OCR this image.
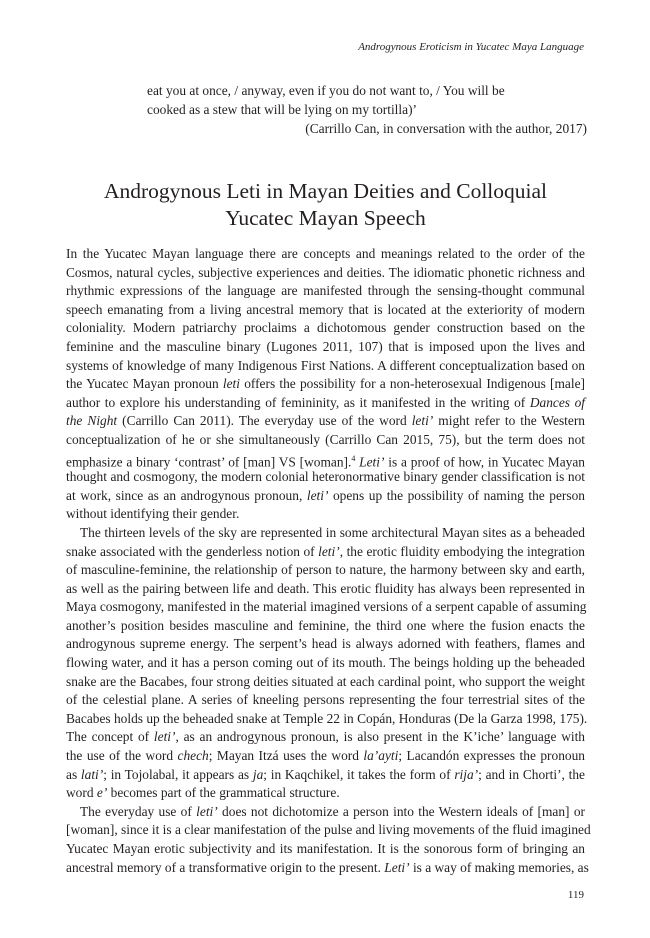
Androgynous Eroticism in Yucatec Maya Language
eat you at once, / anyway, even if you do not want to, / You will be
cooked as a stew that will be lying on my tortilla)’
(Carrillo Can, in conversation with the author, 2017)
Androgynous Leti in Mayan Deities and Colloquial
Yucatec Mayan Speech
In the Yucatec Mayan language there are concepts and meanings related to the order of the
Cosmos, natural cycles, subjective experiences and deities. The idiomatic phonetic richness and
rhythmic expressions of the language are manifested through the sensing-thought communal
speech emanating from a living ancestral memory that is located at the exteriority of modern
coloniality. Modern patriarchy proclaims a dichotomous gender construction based on the
feminine and the masculine binary (Lugones 2011, 107) that is imposed upon the lives and
systems of knowledge of many Indigenous First Nations. A different conceptualization based on
the Yucatec Mayan pronoun leti offers the possibility for a non-heterosexual Indigenous [male]
author to explore his understanding of femininity, as it manifested in the writing of Dances of
the Night (Carrillo Can 2011). The everyday use of the word leti’ might refer to the Western
conceptualization of he or she simultaneously (Carrillo Can 2015, 75), but the term does not
emphasize a binary ‘contrast’ of [man] VS [woman].$^4$ Leti’ is a proof of how, in Yucatec Mayan
thought and cosmogony, the modern colonial heteronormative binary gender classification is not
at work, since as an androgynous pronoun, leti’ opens up the possibility of naming the person
without identifying their gender.
The thirteen levels of the sky are represented in some architectural Mayan sites as a beheaded
snake associated with the genderless notion of leti’, the erotic fluidity embodying the integration
of masculine-feminine, the relationship of person to nature, the harmony between sky and earth,
as well as the pairing between life and death. This erotic fluidity has always been represented in
Maya cosmogony, manifested in the material imagined versions of a serpent capable of assuming
another’s position besides masculine and feminine, the third one where the fusion enacts the
androgynous supreme energy. The serpent’s head is always adorned with feathers, flames and
flowing water, and it has a person coming out of its mouth. The beings holding up the beheaded
snake are the Bacabes, four strong deities situated at each cardinal point, who support the weight
of the celestial plane. A series of kneeling persons representing the four terrestrial sites of the
Bacabes holds up the beheaded snake at Temple 22 in Copán, Honduras (De la Garza 1998, 175).
The concept of leti’, as an androgynous pronoun, is also present in the K’iche’ language with
the use of the word chech; Mayan Itzá uses the word la’ayti; Lacandón expresses the pronoun
as lati’; in Tojolabal, it appears as ja; in Kaqchikel, it takes the form of rija’; and in Chorti’, the
word e’ becomes part of the grammatical structure.
The everyday use of leti’ does not dichotomize a person into the Western ideals of [man] or
[woman], since it is a clear manifestation of the pulse and living movements of the fluid imagined
Yucatec Mayan erotic subjectivity and its manifestation. It is the sonorous form of bringing an
ancestral memory of a transformative origin to the present. Leti’ is a way of making memories, as
119
